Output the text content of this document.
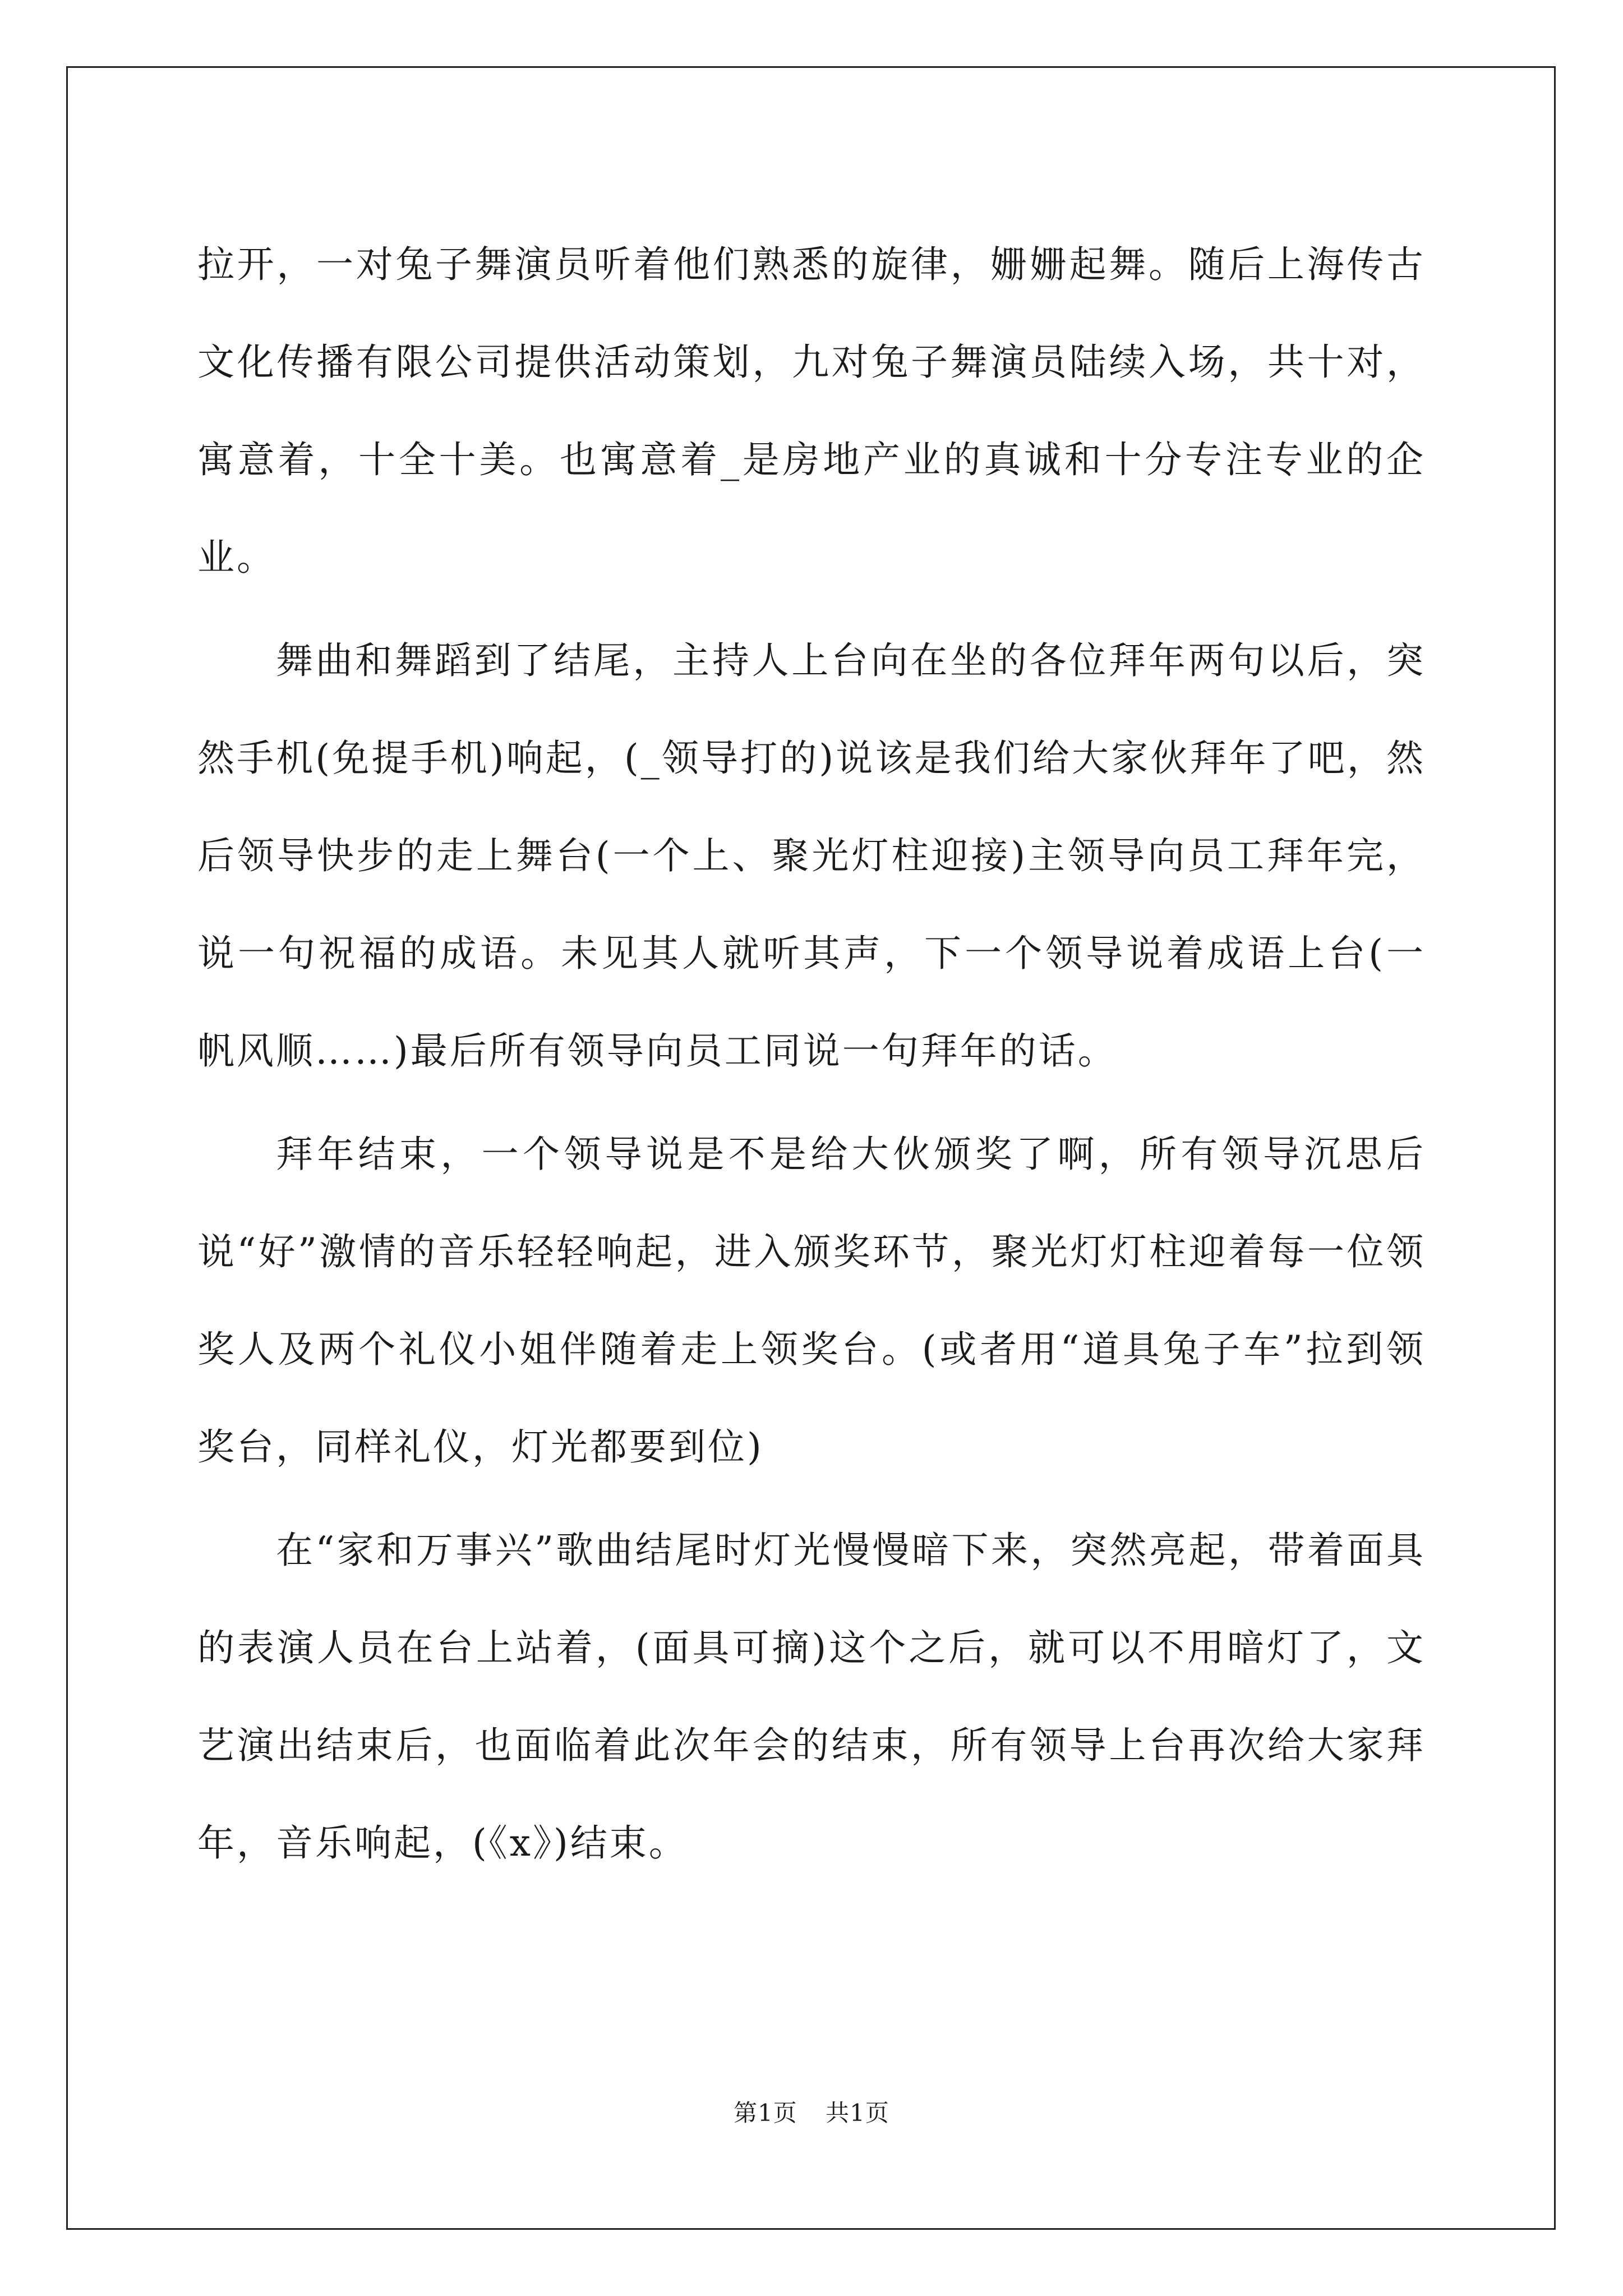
拉开，一对兔子舞演员听着他们熟悉的旋律，姗姗起舞。随后上海传古文化传播有限公司提供活动策划，九对兔子舞演员陆续入场，共十对，寓意着，十全十美。也寓意着_是房地产业的真诚和十分专注专业的企业。

舞曲和舞蹈到了结尾，主持人上台向在坐的各位拜年两句以后，突然手机(免提手机)响起，(_领导打的)说该是我们给大家伙拜年了吧，然后领导快步的走上舞台(一个上、聚光灯柱迎接)主领导向员工拜年完，说一句祝福的成语。未见其人就听其声，下一个领导说着成语上台(一帆风顺……)最后所有领导向员工同说一句拜年的话。

拜年结束，一个领导说是不是给大伙颁奖了啊，所有领导沉思后说“好”激情的音乐轻轻响起，进入颁奖环节，聚光灯灯柱迎着每一位领奖人及两个礼仪小姐伴随着走上领奖台。(或者用“道具兔子车”拉到领奖台，同样礼仪，灯光都要到位)

在“家和万事兴”歌曲结尾时灯光慢慢暗下来，突然亮起，带着面具的表演人员在台上站着，(面具可摘)这个之后，就可以不用暗灯了，文艺演出结束后，也面临着此次年会的结束，所有领导上台再次给大家拜年，音乐响起，(《x》)结束。

第1页 共1页
